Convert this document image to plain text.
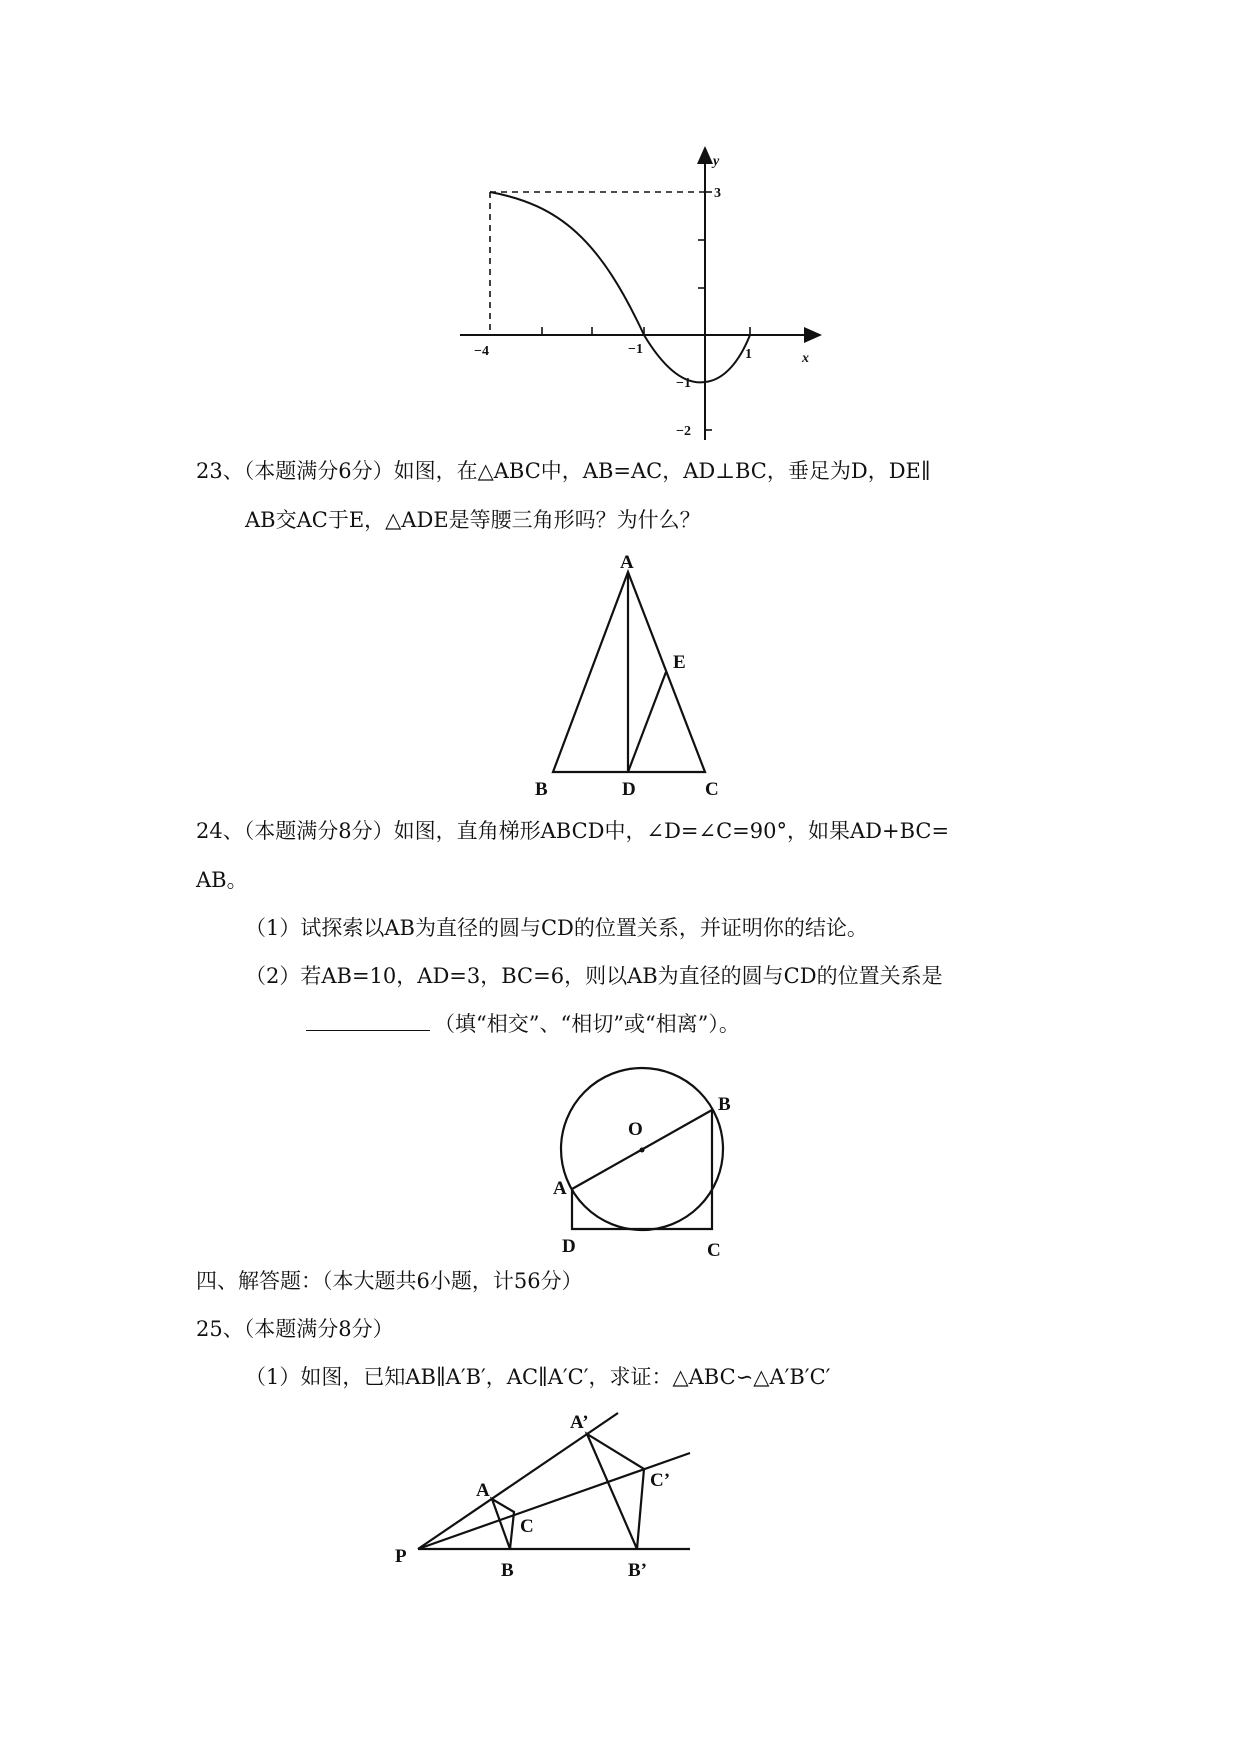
y
x
3
−4	−1	1
−1
−2
23、（本题满分6分）如图，在△ABC中，AB=AC，AD⊥BC，垂足为D，DE∥
AB交AC于E，△ADE是等腰三角形吗？为什么？
A
E
B	D	C
24、（本题满分8分）如图，直角梯形ABCD中，∠D=∠C=90°，如果AD+BC=
AB。
（1）试探索以AB为直径的圆与CD的位置关系，并证明你的结论。
（2）若AB=10，AD=3，BC=6，则以AB为直径的圆与CD的位置关系是
（填“相交”、“相切”或“相离”）。
O
B
A
D	C
四、解答题：（本大题共6小题，计56分）
25、（本题满分8分）
（1）如图，已知AB∥A′B′，AC∥A′C′，求证：△ABC∽△A′B′C′
A’
C’
A
C
P
B	B’
